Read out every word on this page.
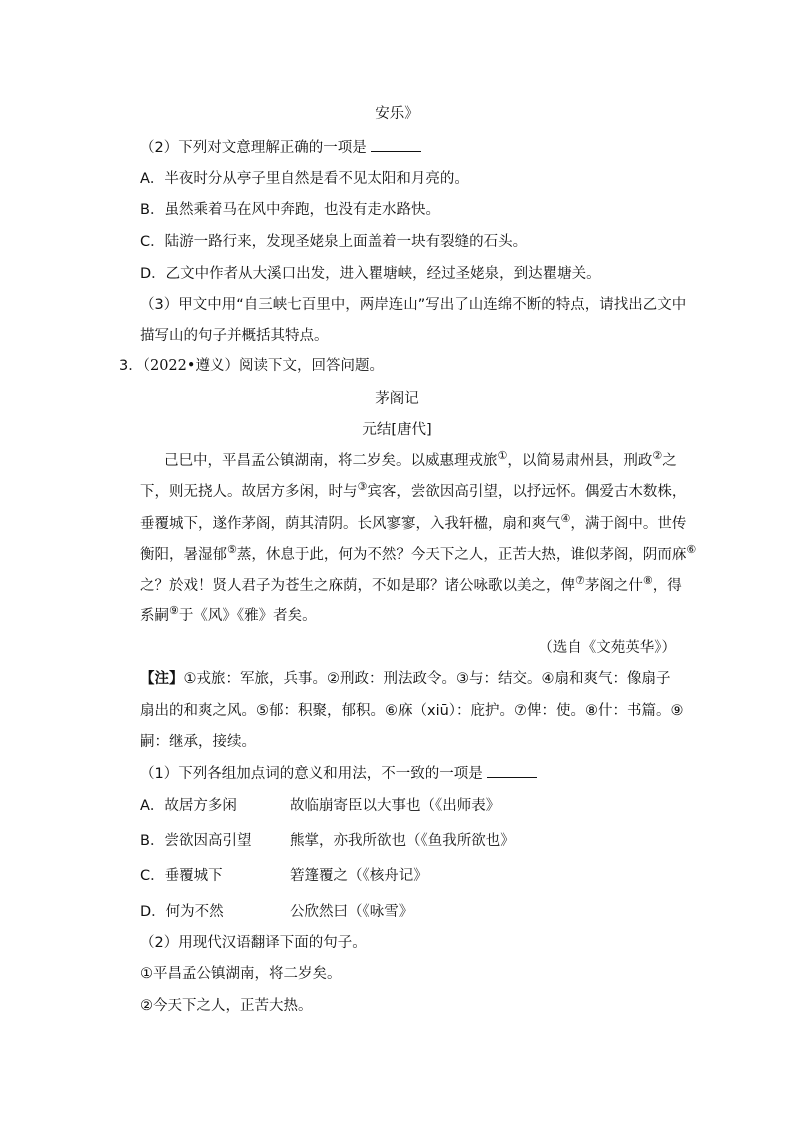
安乐》
（2）下列对文意理解正确的一项是
A．半夜时分从亭子里自然是看不见太阳和月亮的。
B．虽然乘着马在风中奔跑，也没有走水路快。
C．陆游一路行来，发现圣姥泉上面盖着一块有裂缝的石头。
D．乙文中作者从大溪口出发，进入瞿塘峡，经过圣姥泉，到达瞿塘关。
（3）甲文中用“自三峡七百里中，两岸连山”写出了山连绵不断的特点，请找出乙文中
描写山的句子并概括其特点。
3．（2022•遵义）阅读下文，回答问题。
茅阁记
元结[唐代]
己巳中，平昌孟公镇湖南，将二岁矣。以威惠理戎旅①，以简易肃州县，刑政②之
下，则无挠人。故居方多闲，时与③宾客，尝欲因高引望，以抒远怀。偶爱古木数株，
垂覆城下，遂作茅阁，荫其清阴。长风寥寥，入我轩楹，扇和爽气④，满于阁中。世传
衡阳，暑湿郁⑤蒸，休息于此，何为不然？今天下之人，正苦大热，谁似茅阁，阴而庥⑥
之？於戏！贤人君子为苍生之庥荫，不如是耶？诸公咏歌以美之，俾⑦茅阁之什⑧，得
系嗣⑨于《风》《雅》者矣。
（选自《文苑英华》）
【注】①戎旅：军旅，兵事。②刑政：刑法政令。③与：结交。④扇和爽气：像扇子
扇出的和爽之风。⑤郁：积聚，郁积。⑥庥（xiū）：庇护。⑦俾：使。⑧什：书篇。⑨
嗣：继承，接续。
（1）下列各组加点词的意义和用法，不一致的一项是
A．故居方多闲	故临崩寄臣以大事也（《出师表》
B．尝欲因高引望	熊掌，亦我所欲也（《鱼我所欲也》
C．垂覆城下	箬篷覆之（《核舟记》
D．何为不然	公欣然曰（《咏雪》
（2）用现代汉语翻译下面的句子。
①平昌孟公镇湖南，将二岁矣。
②今天下之人，正苦大热。
